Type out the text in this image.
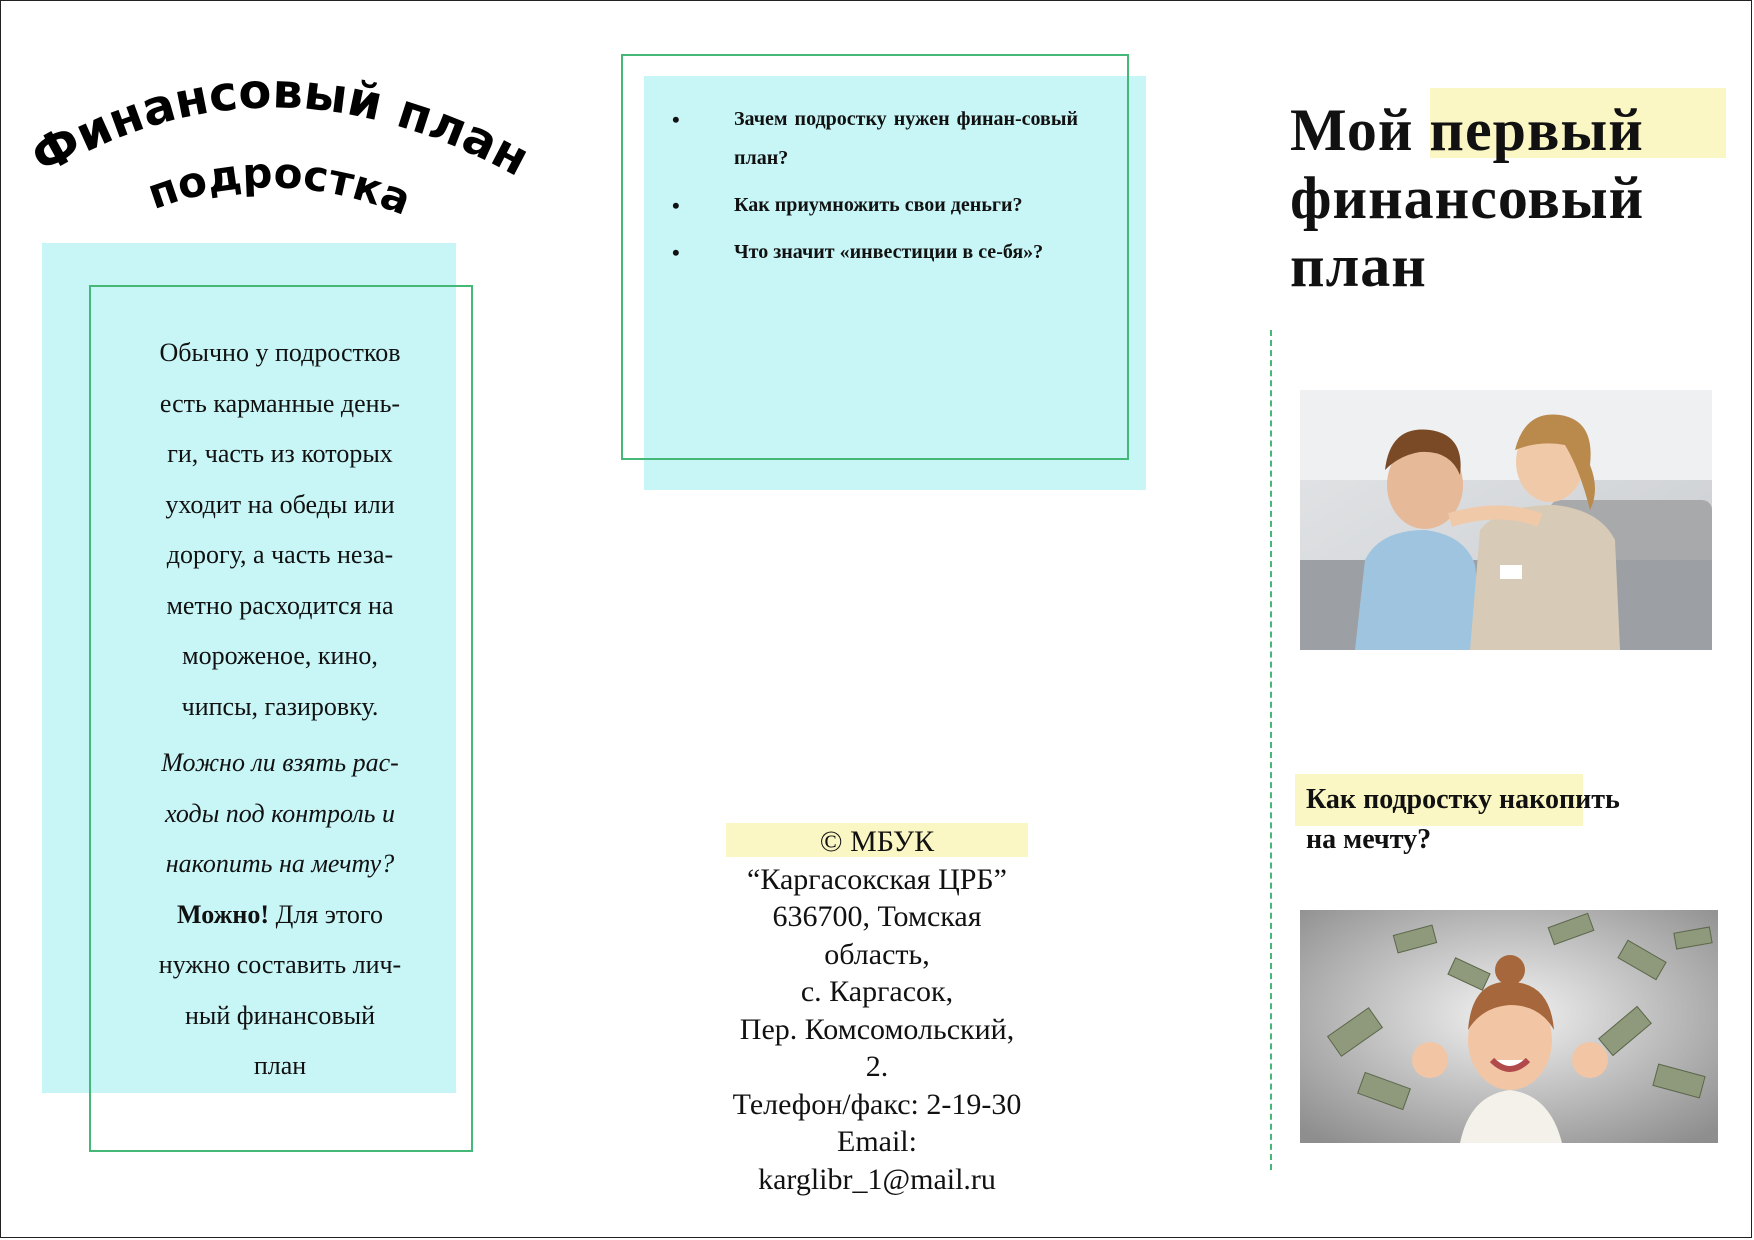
Финансовый план
подростка

Обычно у подростков
есть карманные день-
ги, часть из которых
уходит на обеды или
дорогу, а часть неза-
метно расходится на
мороженое, кино,
чипсы, газировку.

Можно ли взять рас-
ходы под контроль и
накопить на мечту?

Можно! Для этого
нужно составить лич-
ный финансовый
план

•	Зачем подростку нужен финан-совый план?
•	Как приумножить свои деньги?
•	Что значит «инвестиции в се-бя»?
© МБУК
“Каргасокская ЦРБ”
636700, Томская
область,
с. Каргасок,
Пер. Комсомольский,
2.
Телефон/факс: 2-19-30
Email:
karglibr_1@mail.ru
Мой первый
финансовый
план
Как подростку накопить
на мечту?
